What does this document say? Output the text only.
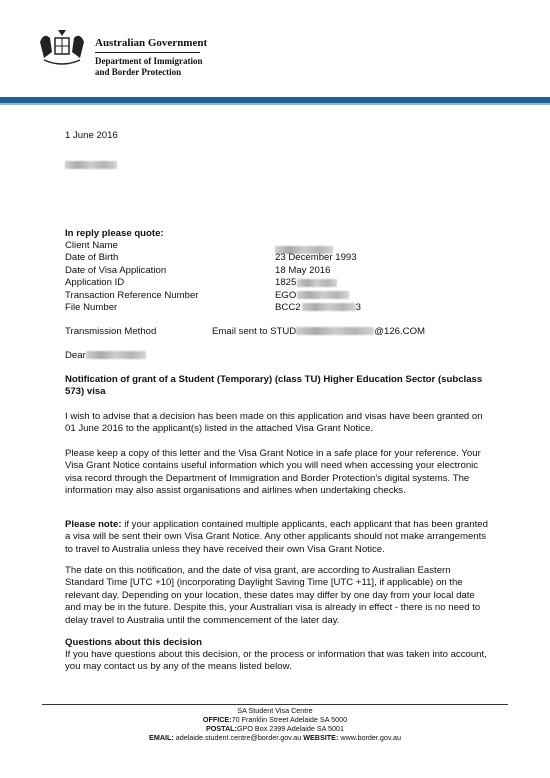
Australian Government
Department of Immigration
and Border Protection
1 June 2016
In reply please quote:
Client Name
Date of Birth	23 December 1993
Date of Visa Application	18 May 2016
Application ID	1825
Transaction Reference Number	EGO
File Number	BCC2	3
Transmission Method	Email sent to STUD	@126.COM
Dear
Notification of grant of a Student (Temporary) (class TU) Higher Education Sector (subclass 573) visa
I wish to advise that a decision has been made on this application and visas have been granted on 01 June 2016 to the applicant(s) listed in the attached Visa Grant Notice.
Please keep a copy of this letter and the Visa Grant Notice in a safe place for your reference. Your Visa Grant Notice contains useful information which you will need when accessing your electronic visa record through the Department of Immigration and Border Protection's digital systems. The information may also assist organisations and airlines when undertaking checks.
Please note: if your application contained multiple applicants, each applicant that has been granted a visa will be sent their own Visa Grant Notice. Any other applicants should not make arrangements to travel to Australia unless they have received their own Visa Grant Notice.
The date on this notification, and the date of visa grant, are according to Australian Eastern Standard Time [UTC +10] (incorporating Daylight Saving Time [UTC +11], if applicable) on the relevant day. Depending on your location, these dates may differ by one day from your local date and may be in the future. Despite this, your Australian visa is already in effect - there is no need to delay travel to Australia until the commencement of the later day.
Questions about this decision
If you have questions about this decision, or the process or information that was taken into account, you may contact us by any of the means listed below.
SA Student Visa Centre
OFFICE:70 Franklin Street Adelaide SA 5000
POSTAL:GPO Box 2399 Adelaide SA 5001
EMAIL: adelaide.student.centre@border.gov.au WEBSITE: www.border.gov.au
